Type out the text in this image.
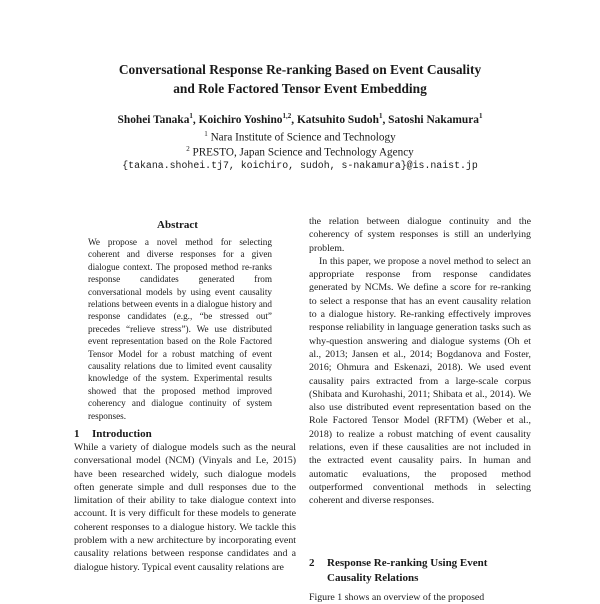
Conversational Response Re-ranking Based on Event Causality
and Role Factored Tensor Event Embedding
Shohei Tanaka$^1$, Koichiro Yoshino$^{1,2}$, Katsuhito Sudoh$^1$, Satoshi Nakamura$^1$
$^1$ Nara Institute of Science and Technology
$^2$ PRESTO, Japan Science and Technology Agency
{takana.shohei.tj7, koichiro, sudoh, s-nakamura}@is.naist.jp
Abstract
We propose a novel method for selecting coherent and diverse responses for a given dialogue context. The proposed method re-ranks response candidates generated from conversational models by using event causality relations between events in a dialogue history and response candidates (e.g., “be stressed out” precedes “relieve stress”). We use distributed event representation based on the Role Factored Tensor Model for a robust matching of event causality relations due to limited event causality knowledge of the system. Experimental results showed that the proposed method improved coherency and dialogue continuity of system responses.
1 Introduction
While a variety of dialogue models such as the neural conversational model (NCM) (Vinyals and Le, 2015) have been researched widely, such dialogue models often generate simple and dull responses due to the limitation of their ability to take dialogue context into account. It is very difficult for these models to generate coherent responses to a dialogue history. We tackle this problem with a new architecture by incorporating event causality relations between response candidates and a dialogue history. Typical event causality relations are

the relation between dialogue continuity and the coherency of system responses is still an underlying problem.

In this paper, we propose a novel method to select an appropriate response from response candidates generated by NCMs. We define a score for re-ranking to select a response that has an event causality relation to a dialogue history. Re-ranking effectively improves response reliability in language generation tasks such as why-question answering and dialogue systems (Oh et al., 2013; Jansen et al., 2014; Bogdanova and Foster, 2016; Ohmura and Eskenazi, 2018). We used event causality pairs extracted from a large-scale corpus (Shibata and Kurohashi, 2011; Shibata et al., 2014). We also use distributed event representation based on the Role Factored Tensor Model (RFTM) (Weber et al., 2018) to realize a robust matching of event causality relations, even if these causalities are not included in the extracted event causality pairs. In human and automatic evaluations, the proposed method outperformed conventional methods in selecting coherent and diverse responses.

2 Response Re-ranking Using Event
Causality Relations
Figure 1 shows an overview of the proposed
